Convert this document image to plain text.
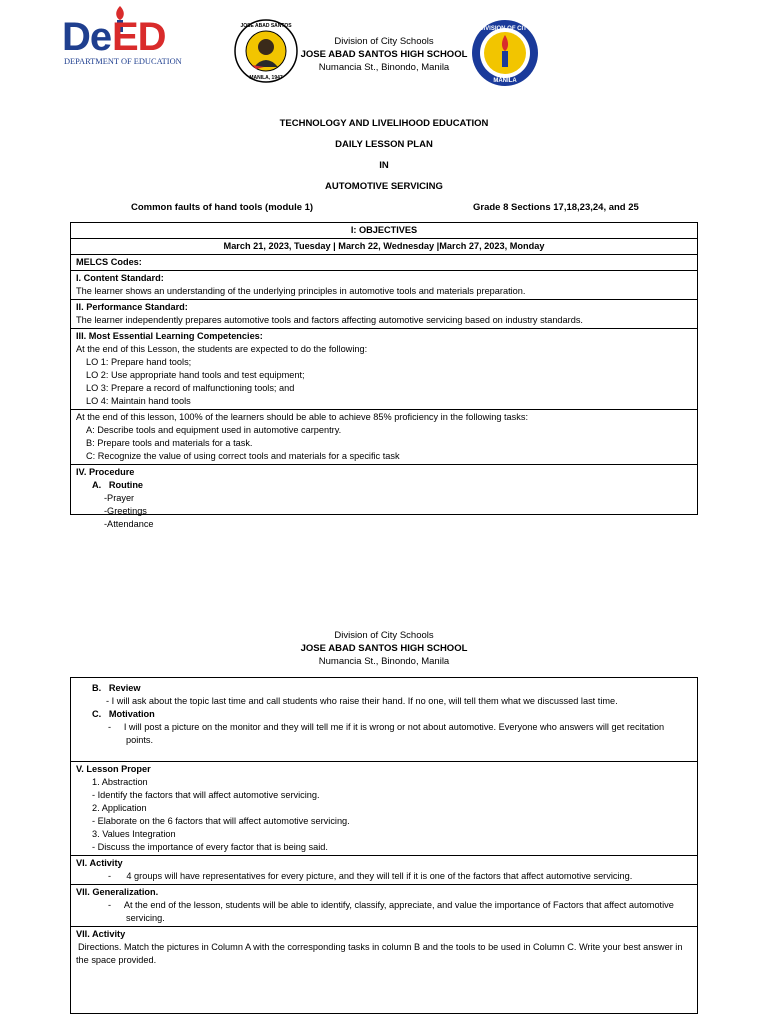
De ED
DEPARTMENT OF EDUCATION
JOSE ABAD SANTOS
MANILA, 1947
Division of City Schools
JOSE ABAD SANTOS HIGH SCHOOL
Numancia St., Binondo, Manila
DIVISION OF CITY
MANILA
TECHNOLOGY AND LIVELIHOOD EDUCATION
DAILY LESSON PLAN
IN
AUTOMOTIVE SERVICING
Common faults of hand tools (module 1)	Grade 8 Sections 17,18,23,24, and 25
I: OBJECTIVES
March 21, 2023, Tuesday | March 22, Wednesday |March 27, 2023, Monday
MELCS Codes:
I. Content Standard:
The learner shows an understanding of the underlying principles in automotive tools and materials preparation.
II. Performance Standard:
The learner independently prepares automotive tools and factors affecting automotive servicing based on industry standards.
III. Most Essential Learning Competencies:
At the end of this Lesson, the students are expected to do the following:
LO 1: Prepare hand tools;
LO 2: Use appropriate hand tools and test equipment;
LO 3: Prepare a record of malfunctioning tools; and
LO 4: Maintain hand tools
At the end of this lesson, 100% of the learners should be able to achieve 85% proficiency in the following tasks:
A: Describe tools and equipment used in automotive carpentry.
B: Prepare tools and materials for a task.
C: Recognize the value of using correct tools and materials for a specific task
IV. Procedure
A.   Routine
-Prayer
-Greetings
-Attendance
Division of City Schools
JOSE ABAD SANTOS HIGH SCHOOL
Numancia St., Binondo, Manila
B.   Review
- I will ask about the topic last time and call students who raise their hand. If no one, will tell them what we discussed last time.
C.   Motivation
-     I will post a picture on the monitor and they will tell me if it is wrong or not about automotive. Everyone who answers will get recitation points.
V. Lesson Proper
1. Abstraction
- Identify the factors that will affect automotive servicing.
2. Application
- Elaborate on the 6 factors that will affect automotive servicing.
3. Values Integration
- Discuss the importance of every factor that is being said.
VI. Activity
-      4 groups will have representatives for every picture, and they will tell if it is one of the factors that affect automotive servicing.
VII. Generalization.
-     At the end of the lesson, students will be able to identify, classify, appreciate, and value the importance of Factors that affect automotive servicing.
VII. Activity
Directions. Match the pictures in Column A with the corresponding tasks in column B and the tools to be used in Column C. Write your best answer in the space provided.
